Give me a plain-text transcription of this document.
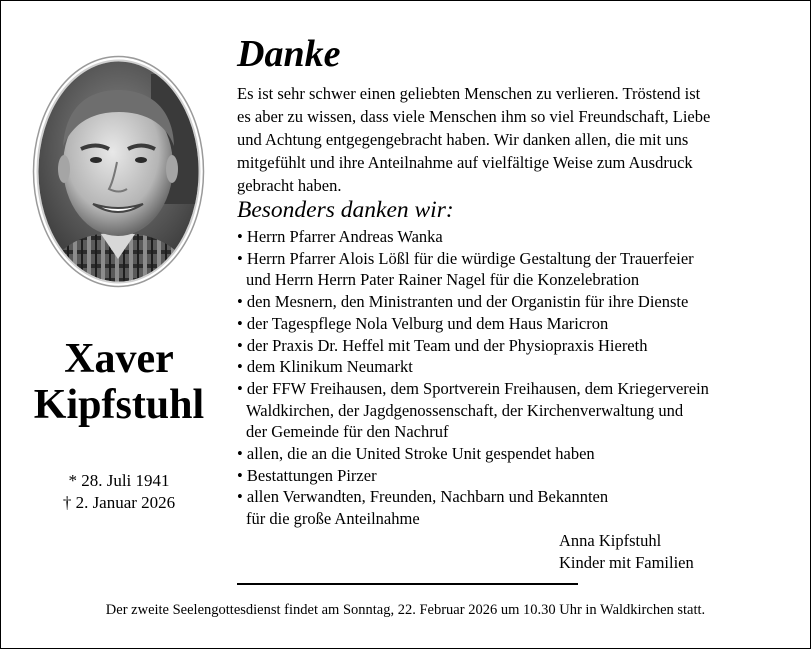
Xaver
Kipfstuhl
* 28. Juli 1941
† 2. Januar 2026
Danke
Es ist sehr schwer einen geliebten Menschen zu verlieren. Tröstend ist
es aber zu wissen, dass viele Menschen ihm so viel Freundschaft, Liebe
und Achtung entgegengebracht haben. Wir danken allen, die mit uns
mitgefühlt und ihre Anteilnahme auf vielfältige Weise zum Ausdruck
gebracht haben.
Besonders danken wir:
• Herrn Pfarrer Andreas Wanka
• Herrn Pfarrer Alois Lößl für die würdige Gestaltung der Trauerfeier
und Herrn Herrn Pater Rainer Nagel für die Konzelebration
• den Mesnern, den Ministranten und der Organistin für ihre Dienste
• der Tagespflege Nola Velburg und dem Haus Maricron
• der Praxis Dr. Heffel mit Team und der Physiopraxis Hiereth
• dem Klinikum Neumarkt
• der FFW Freihausen, dem Sportverein Freihausen, dem Kriegerverein
Waldkirchen, der Jagdgenossenschaft, der Kirchenverwaltung und
der Gemeinde für den Nachruf
• allen, die an die United Stroke Unit gespendet haben
• Bestattungen Pirzer
• allen Verwandten, Freunden, Nachbarn und Bekannten
für die große Anteilnahme
Anna Kipfstuhl
Kinder mit Familien
Der zweite Seelengottesdienst findet am Sonntag, 22. Februar 2026 um 10.30 Uhr in Waldkirchen statt.
